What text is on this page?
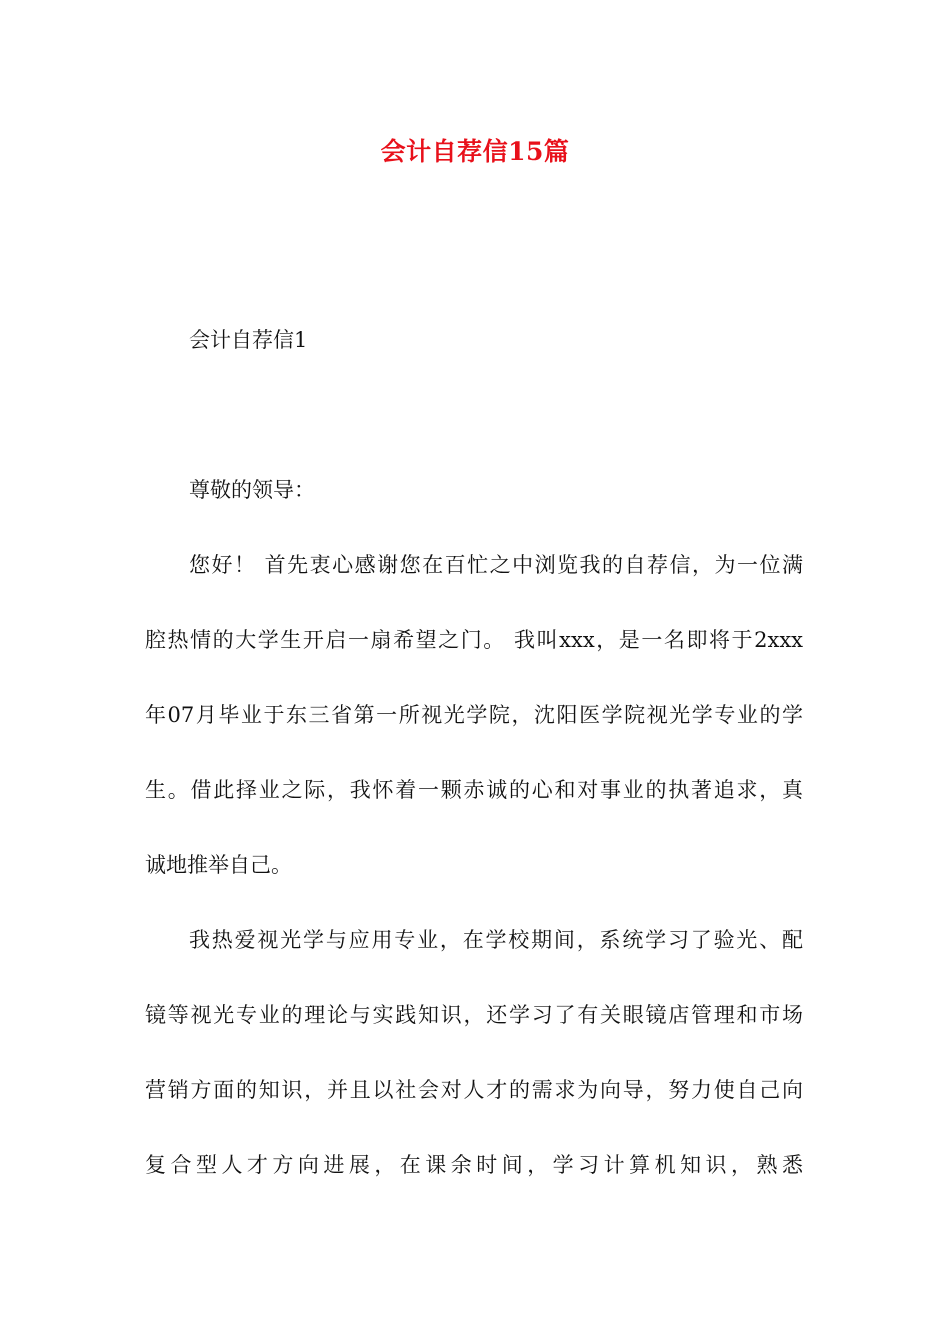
会计自荐信15篇
会计自荐信1
尊敬的领导：
您好！ 首先衷心感谢您在百忙之中浏览我的自荐信，为一位满
腔热情的大学生开启一扇希望之门。 我叫xxx，是一名即将于2xxx
年07月毕业于东三省第一所视光学院，沈阳医学院视光学专业的学
生。借此择业之际，我怀着一颗赤诚的心和对事业的执著追求，真
诚地推举自己。
我热爱视光学与应用专业，在学校期间，系统学习了验光、配
镜等视光专业的理论与实践知识，还学习了有关眼镜店管理和市场
营销方面的知识，并且以社会对人才的需求为向导，努力使自己向
复合型人才方向进展，在课余时间，学习计算机知识，熟悉
